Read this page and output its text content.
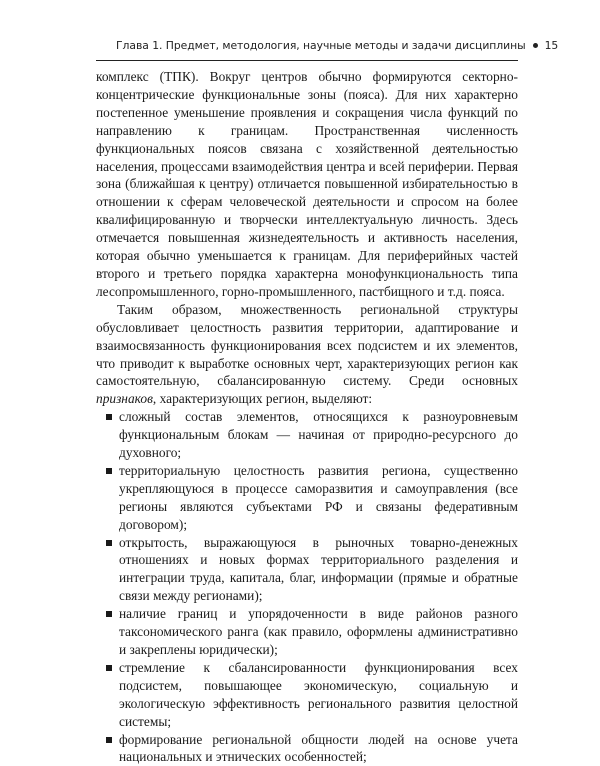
Глава 1. Предмет, методология, научные методы и задачи дисциплины 15

комплекс (ТПК). Вокруг центров обычно формируются секторно-концентрические функциональные зоны (пояса). Для них характерно постепенное уменьшение проявления и сокращения числа функций по направлению к границам. Пространственная численность функциональных поясов связана с хозяйственной деятельностью населения, процессами взаимодействия центра и всей периферии. Первая зона (ближайшая к центру) отличается повышенной избирательностью в отношении к сферам человеческой деятельности и спросом на более квалифицированную и творчески интеллектуальную личность. Здесь отмечается повышенная жизнедеятельность и активность населения, которая обычно уменьшается к границам. Для периферийных частей второго и третьего порядка характерна монофункциональность типа лесопромышленного, горно-промышленного, пастбищного и т.д. пояса.

Таким образом, множественность региональной структуры обусловливает целостность развития территории, адаптирование и взаимосвязанность функционирования всех подсистем и их элементов, что приводит к выработке основных черт, характеризующих регион как самостоятельную, сбалансированную систему. Среди основных признаков, характеризующих регион, выделяют:

сложный состав элементов, относящихся к разноуровневым функциональным блокам — начиная от природно-ресурсного до духовного;
территориальную целостность развития региона, существенно укрепляющуюся в процессе саморазвития и самоуправления (все регионы являются субъектами РФ и связаны федеративным договором);
открытость, выражающуюся в рыночных товарно-денежных отношениях и новых формах территориального разделения и интеграции труда, капитала, благ, информации (прямые и обратные связи между регионами);
наличие границ и упорядоченности в виде районов разного таксономического ранга (как правило, оформлены административно и закреплены юридически);
стремление к сбалансированности функционирования всех подсистем, повышающее экономическую, социальную и экологическую эффективность регионального развития целостной системы;
формирование региональной общности людей на основе учета национальных и этнических особенностей;
